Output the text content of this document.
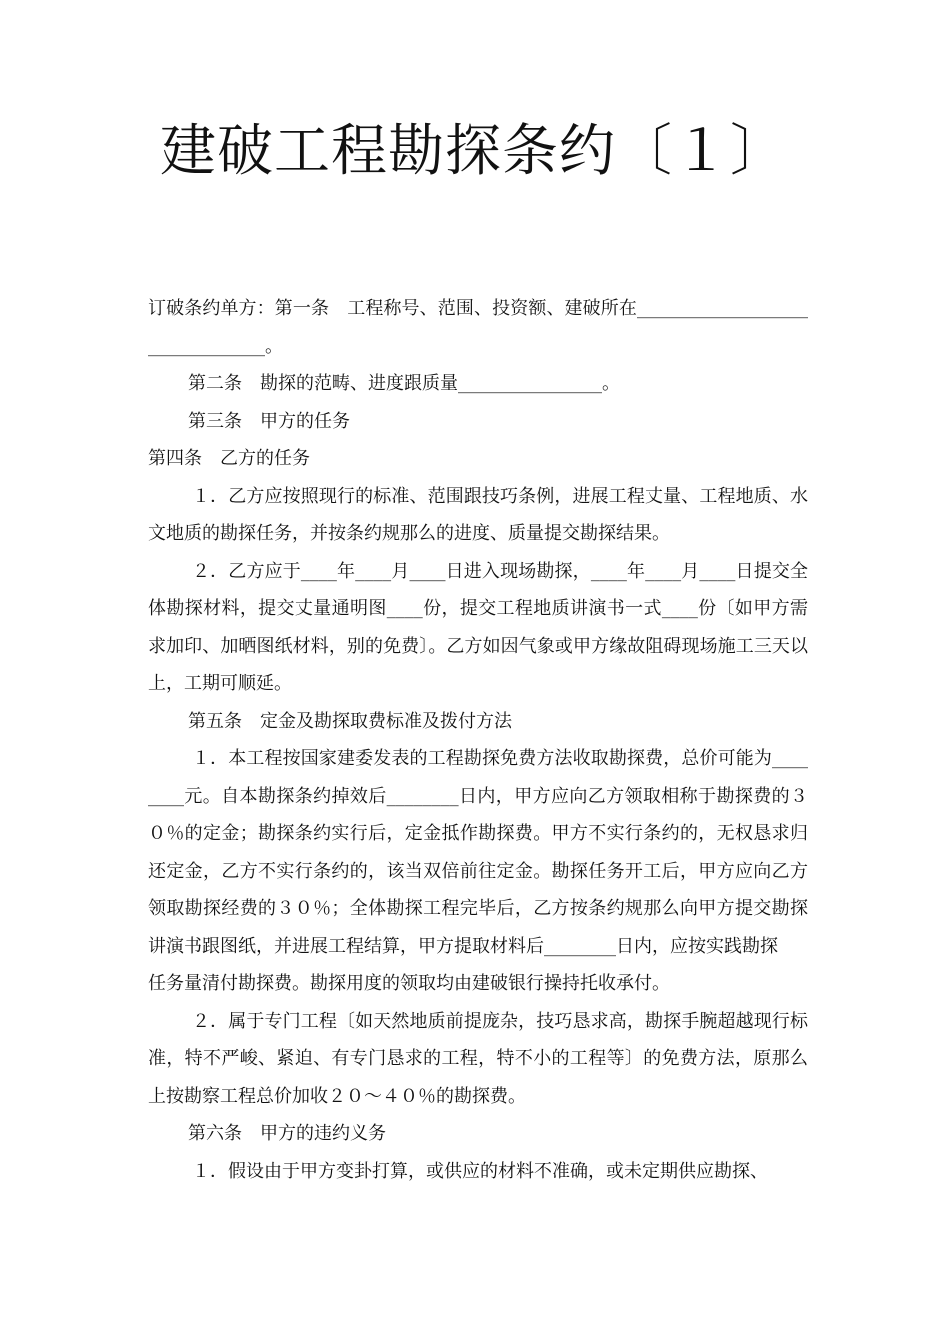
建破工程勘探条约〔１〕

订破条约单方：第一条　工程称号、范围、投资额、建破所在________________________________。

第二条　勘探的范畴、进度跟质量________________。

第三条　甲方的任务

第四条　乙方的任务

１．乙方应按照现行的标准、范围跟技巧条例，进展工程丈量、工程地质、水文地质的勘探任务，并按条约规那么的进度、质量提交勘探结果。

２．乙方应于____年____月____日进入现场勘探，____年____月____日提交全体勘探材料，提交丈量通明图____份，提交工程地质讲演书一式____份〔如甲方需求加印、加晒图纸材料，别的免费〕。乙方如因气象或甲方缘故阻碍现场施工三天以上，工期可顺延。

第五条　定金及勘探取费标准及拨付方法

１．本工程按国家建委发表的工程勘探免费方法收取勘探费，总价可能为________元。自本勘探条约掉效后________日内，甲方应向乙方领取相称于勘探费的３０％的定金；勘探条约实行后，定金抵作勘探费。甲方不实行条约的，无权恳求归还定金，乙方不实行条约的，该当双倍前往定金。勘探任务开工后，甲方应向乙方领取勘探经费的３０％；全体勘探工程完毕后，乙方按条约规那么向甲方提交勘探讲演书跟图纸，并进展工程结算，甲方提取材料后________日内，应按实践勘探

任务量清付勘探费。勘探用度的领取均由建破银行操持托收承付。

２．属于专门工程〔如天然地质前提庞杂，技巧恳求高，勘探手腕超越现行标准，特不严峻、紧迫、有专门恳求的工程，特不小的工程等〕的免费方法，原那么上按勘察工程总价加收２０～４０％的勘探费。

第六条　甲方的违约义务

１．假设由于甲方变卦打算，或供应的材料不准确，或未定期供应勘探、
